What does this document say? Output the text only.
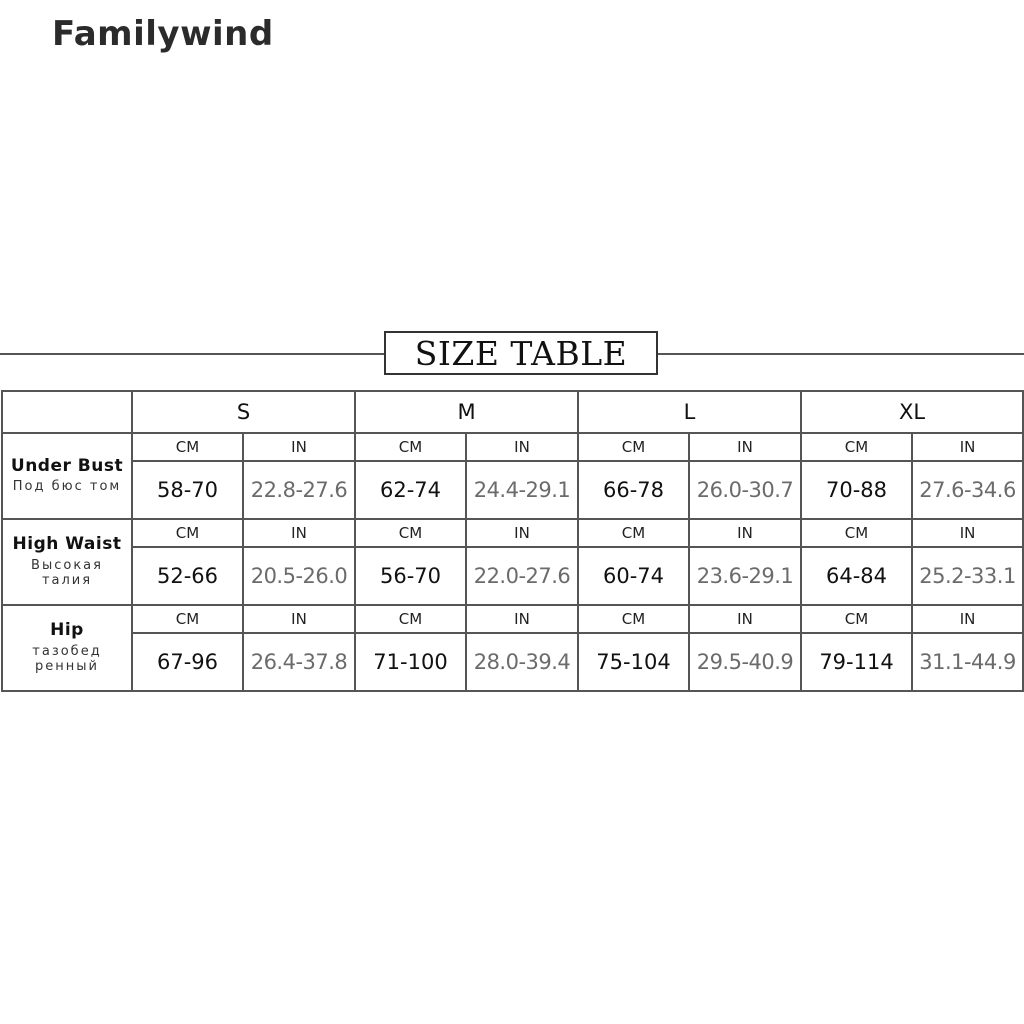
Familywind
SIZE TABLE
	S		M		L		XL	

Under Bust
Под бюс том	CM	IN	CM	IN	CM	IN	CM	IN
	58-70	22.8-27.6	62-74	24.4-29.1	66-78	26.0-30.7	70-88	27.6-34.6

High Waist
Высокая талия	CM	IN	CM	IN	CM	IN	CM	IN
	52-66	20.5-26.0	56-70	22.0-27.6	60-74	23.6-29.1	64-84	25.2-33.1

Hip
тазобед ренный	CM	IN	CM	IN	CM	IN	CM	IN
	67-96	26.4-37.8	71-100	28.0-39.4	75-104	29.5-40.9	79-114	31.1-44.9
